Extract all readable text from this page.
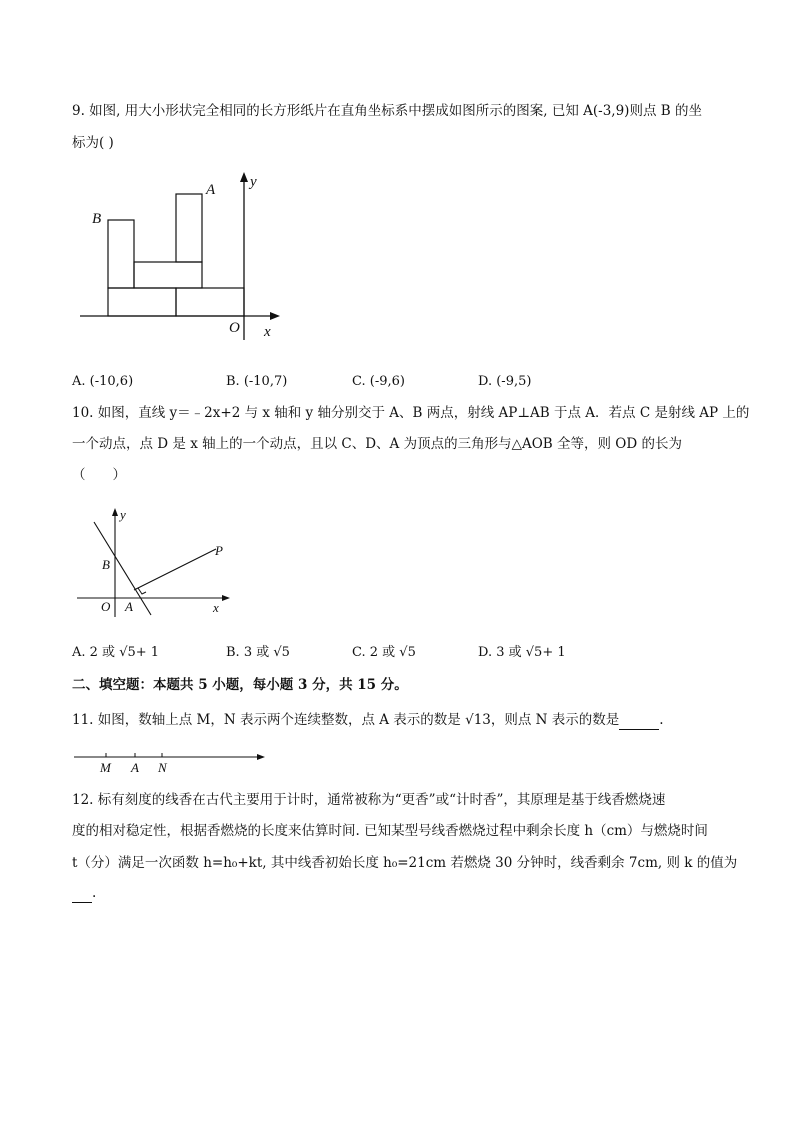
9. 如图, 用大小形状完全相同的长方形纸片在直角坐标系中摆成如图所示的图案, 已知 A(-3,9)则点 B 的坐
标为( )
A
B
y
O x
A. (-10,6)	B. (-10,7)	C. (-9,6)	D. (-9,5)
10. 如图，直线 y＝﹣2x+2 与 x 轴和 y 轴分别交于 A、B 两点，射线 AP⊥AB 于点 A．若点 C 是射线 AP 上的
一个动点，点 D 是 x 轴上的一个动点，且以 C、D、A 为顶点的三角形与△AOB 全等，则 OD 的长为
（　　）
y
B
P
O A	x
A. 2 或 √5+ 1	B. 3 或 √5	C. 2 或 √5	D. 3 或 √5+ 1
二、填空题：本题共 5 小题，每小题 3 分，共 15 分。
11. 如图，数轴上点 M，N 表示两个连续整数，点 A 表示的数是 √13，则点 N 表示的数是	.
M A N
12. 标有刻度的线香在古代主要用于计时，通常被称为“更香”或“计时香”，其原理是基于线香燃烧速
度的相对稳定性，根据香燃烧的长度来估算时间. 已知某型号线香燃烧过程中剩余长度 h（cm）与燃烧时间
t（分）满足一次函数 h=h₀+kt, 其中线香初始长度 h₀=21cm 若燃烧 30 分钟时，线香剩余 7cm, 则 k 的值为
.
